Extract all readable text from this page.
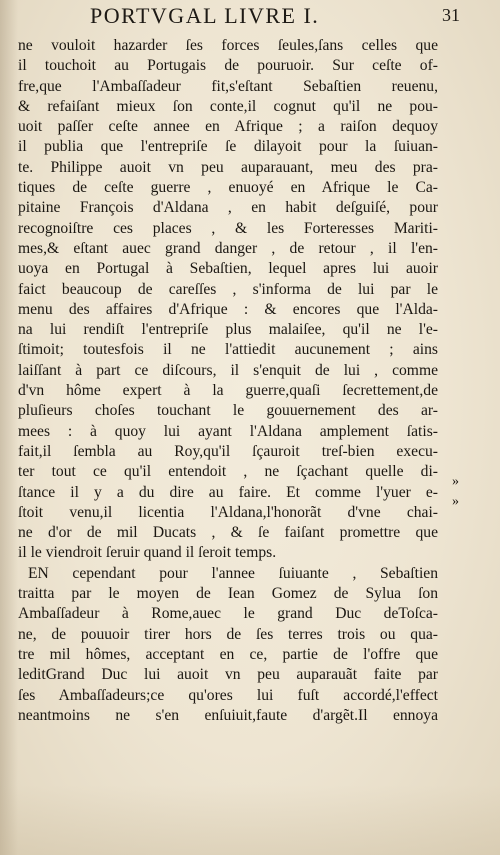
PORTVGAL LIVRE I.	31
ne vouloit hazarder ſes forces ſeules,ſans celles que
il touchoit au Portugais de pouruoir. Sur ceſte of-
fre,que l'Ambaſſadeur fit,s'eſtant Sebaſtien reuenu,
& refaiſant mieux ſon conte,il cognut qu'il ne pou-
uoit paſſer ceſte annee en Afrique ; a raiſon dequoy
il publia que l'entrepriſe ſe dilayoit pour la ſuiuan-
te. Philippe auoit vn peu auparauant, meu des pra-
tiques de ceſte guerre , enuoyé en Afrique le Ca-
pitaine François d'Aldana , en habit deſguiſé, pour
recognoiſtre ces places , & les Forteresses Mariti-
mes,& eſtant auec grand danger , de retour , il l'en-
uoya en Portugal à Sebaſtien, lequel apres lui auoir
faict beaucoup de careſſes , s'informa de lui par le
menu des affaires d'Afrique : & encores que l'Alda-
na lui rendiſt l'entrepriſe plus malaiſee, qu'il ne l'e-
ſtimoit; toutesfois il ne l'attiedit aucunement ; ains
laiſſant à part ce diſcours, il s'enquit de lui , comme
d'vn hôme expert à la guerre,quaſi ſecrettement,de
pluſieurs choſes touchant le gouuernement des ar-
mees : à quoy lui ayant l'Aldana amplement ſatis-
fait,il ſembla au Roy,qu'il ſçauroit treſ-bien execu-
ter tout ce qu'il entendoit , ne ſçachant quelle di-
ſtance il y a du dire au faire. Et comme l'yuer e-
ſtoit venu,il licentia l'Aldana,l'honorãt d'vne chai-
ne d'or de mil Ducats , & ſe faiſant promettre que
il le viendroit ſeruir quand il ſeroit temps.
EN cependant pour l'annee ſuiuante , Sebaſtien
traitta par le moyen de Iean Gomez de Sylua ſon
Ambaſſadeur à Rome,auec le grand Duc deToſca-
ne, de pouuoir tirer hors de ſes terres trois ou qua-
tre mil hômes, acceptant en ce, partie de l'offre que
leditGrand Duc lui auoit vn peu auparauãt faite par
ſes Ambaſſadeurs;ce qu'ores lui fuſt accordé,l'effect
neantmoins ne s'en enſuiuit,faute d'argẽt.Il ennoya
»
»
